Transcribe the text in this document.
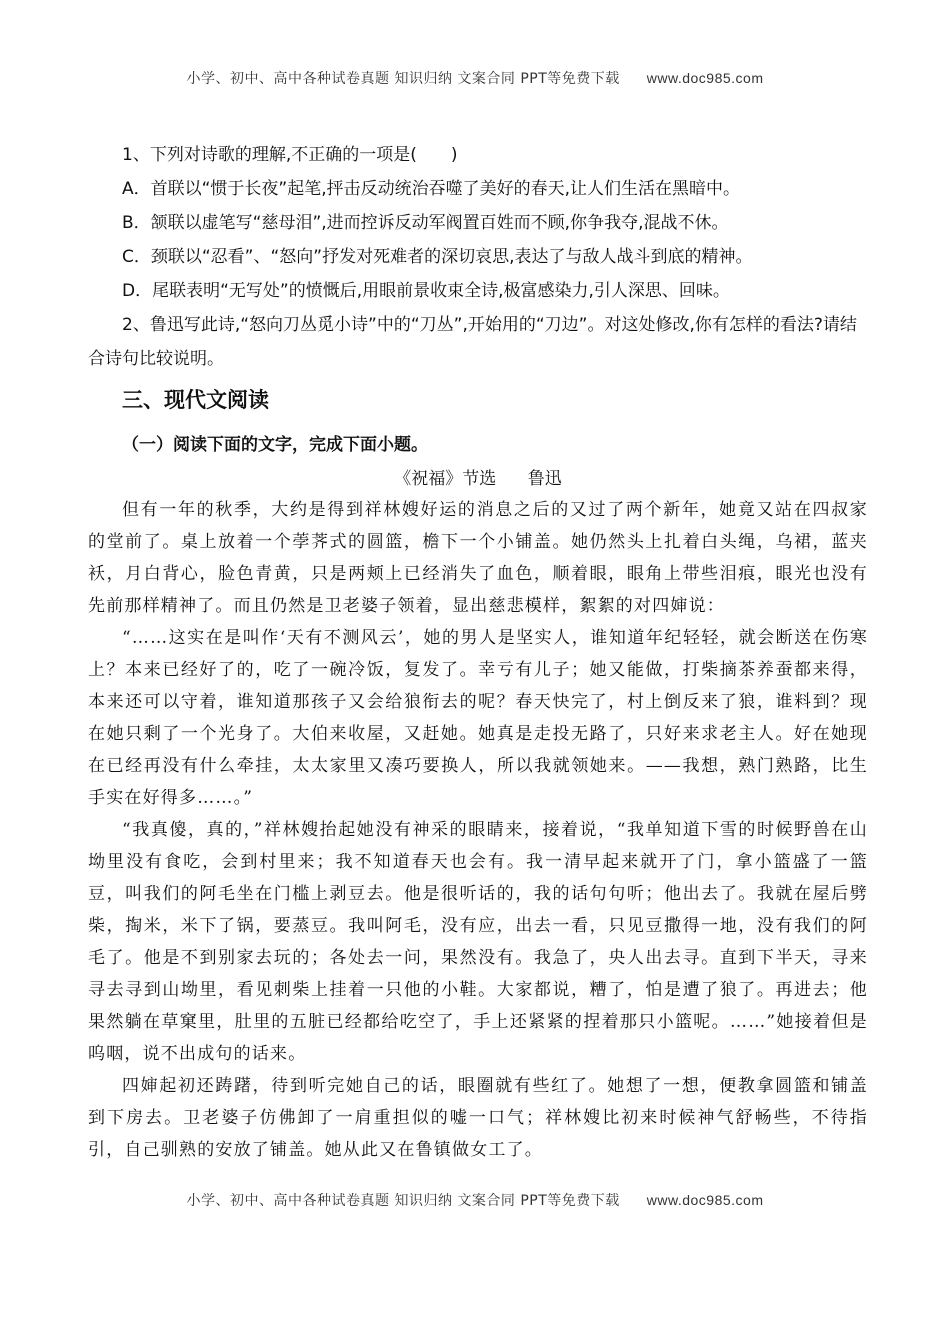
小学、初中、高中各种试卷真题 知识归纳 文案合同 PPT等免费下载 www.doc985.com

1、下列对诗歌的理解,不正确的一项是(　　)

A．首联以“惯于长夜”起笔,抨击反动统治吞噬了美好的春天,让人们生活在黑暗中。

B．颔联以虚笔写“慈母泪”,进而控诉反动军阀置百姓而不顾,你争我夺,混战不休。

C．颈联以“忍看”、“怒向”抒发对死难者的深切哀思,表达了与敌人战斗到底的精神。

D．尾联表明“无写处”的愤慨后,用眼前景收束全诗,极富感染力,引人深思、回味。

2、鲁迅写此诗,“怒向刀丛觅小诗”中的“刀丛”,开始用的“刀边”。对这处修改,你有怎样的看法?请结合诗句比较说明。

三、现代文阅读
（一）阅读下面的文字，完成下面小题。
《祝福》节选 鲁迅

但有一年的秋季，大约是得到祥林嫂好运的消息之后的又过了两个新年，她竟又站在四叔家的堂前了。桌上放着一个荸荠式的圆篮，檐下一个小铺盖。她仍然头上扎着白头绳，乌裙，蓝夹袄，月白背心，脸色青黄，只是两颊上已经消失了血色，顺着眼，眼角上带些泪痕，眼光也没有先前那样精神了。而且仍然是卫老婆子领着，显出慈悲模样，絮絮的对四婶说：

“……这实在是叫作‘天有不测风云’，她的男人是坚实人，谁知道年纪轻轻，就会断送在伤寒上？本来已经好了的，吃了一碗冷饭，复发了。幸亏有儿子；她又能做，打柴摘茶养蚕都来得，本来还可以守着，谁知道那孩子又会给狼衔去的呢？春天快完了，村上倒反来了狼，谁料到？现在她只剩了一个光身了。大伯来收屋，又赶她。她真是走投无路了，只好来求老主人。好在她现在已经再没有什么牵挂，太太家里又凑巧要换人，所以我就领她来。——我想，熟门熟路，比生手实在好得多……。”

“我真傻，真的，”祥林嫂抬起她没有神采的眼睛来，接着说，“我单知道下雪的时候野兽在山坳里没有食吃，会到村里来；我不知道春天也会有。我一清早起来就开了门，拿小篮盛了一篮豆，叫我们的阿毛坐在门槛上剥豆去。他是很听话的，我的话句句听；他出去了。我就在屋后劈柴，掏米，米下了锅，要蒸豆。我叫阿毛，没有应，出去一看，只见豆撒得一地，没有我们的阿毛了。他是不到别家去玩的；各处去一问，果然没有。我急了，央人出去寻。直到下半天，寻来寻去寻到山坳里，看见刺柴上挂着一只他的小鞋。大家都说，糟了，怕是遭了狼了。再进去；他果然躺在草窠里，肚里的五脏已经都给吃空了，手上还紧紧的捏着那只小篮呢。……”她接着但是呜咽，说不出成句的话来。

四婶起初还踌躇，待到听完她自己的话，眼圈就有些红了。她想了一想，便教拿圆篮和铺盖到下房去。卫老婆子仿佛卸了一肩重担似的嘘一口气；祥林嫂比初来时候神气舒畅些，不待指引，自己驯熟的安放了铺盖。她从此又在鲁镇做女工了。

小学、初中、高中各种试卷真题 知识归纳 文案合同 PPT等免费下载 www.doc985.com
